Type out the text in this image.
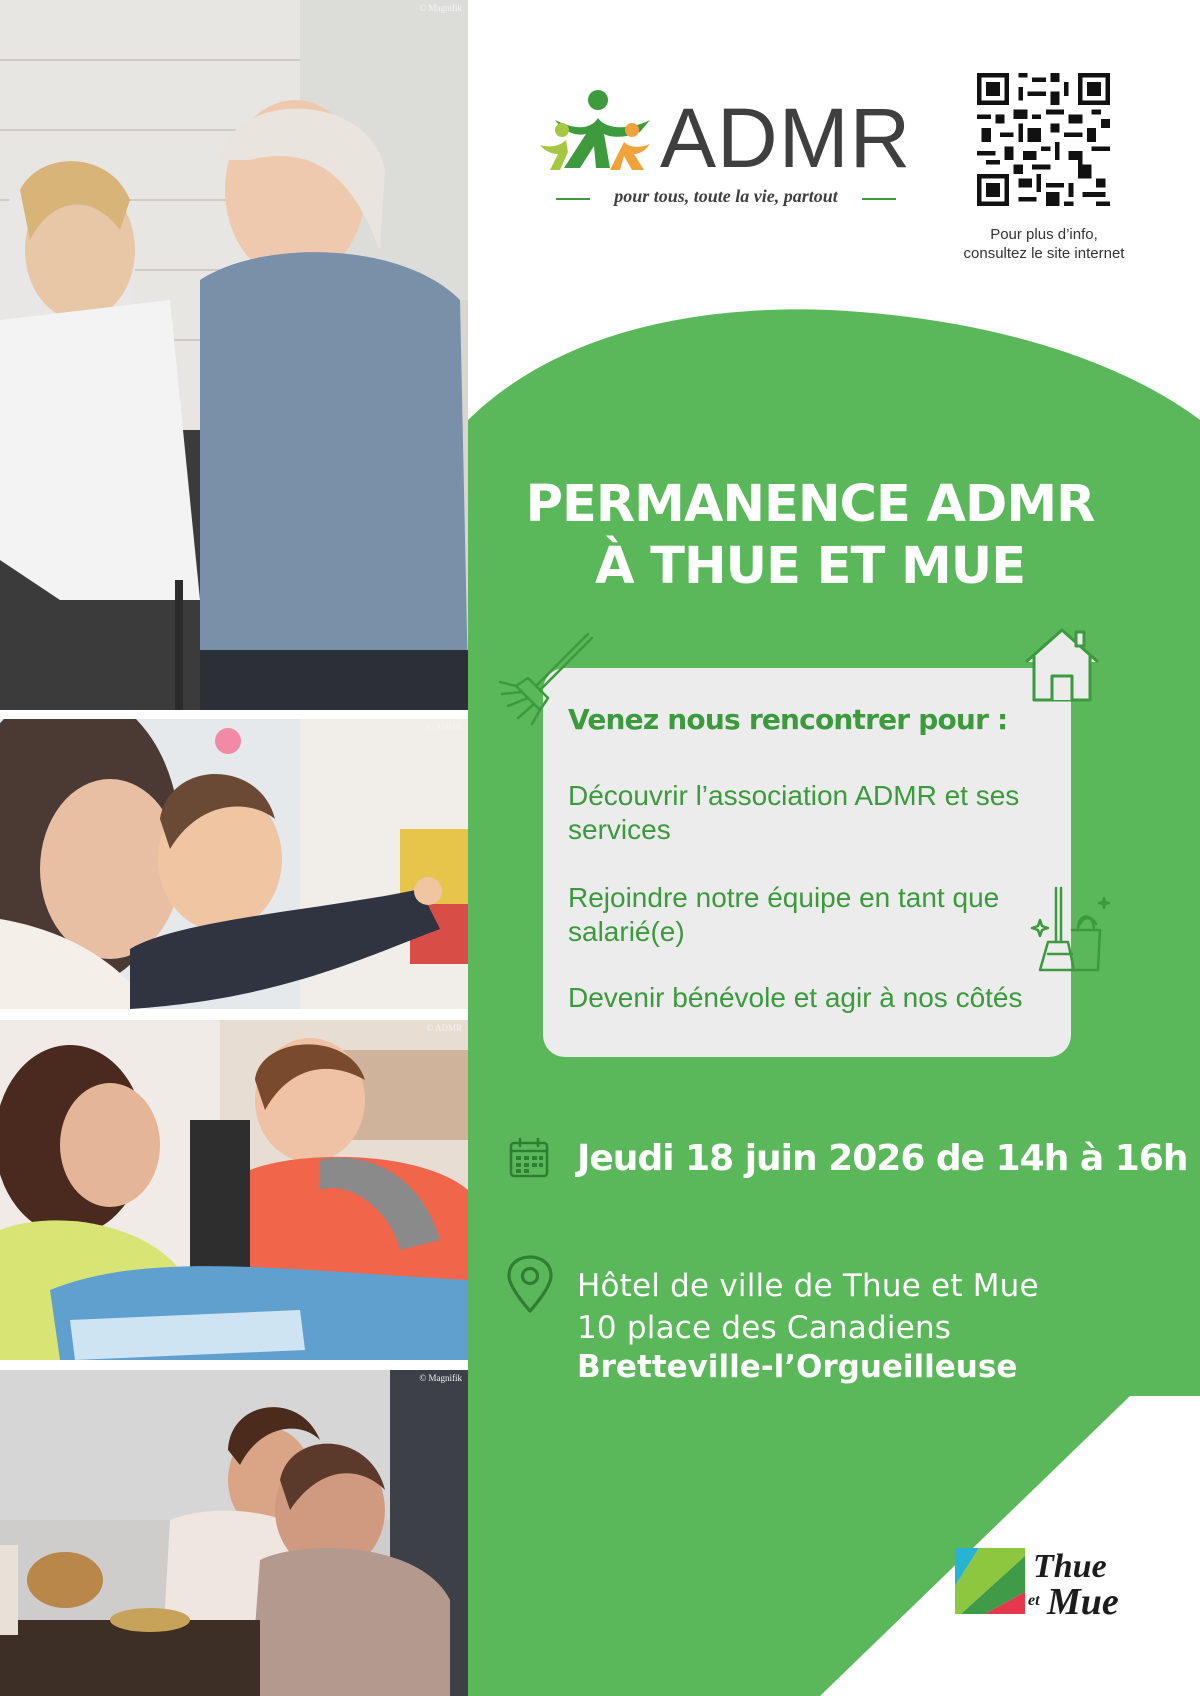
© Magnifik
© ADMR
© ADMR
© Magnifik
ADMR
pour tous, toute la vie, partout
Pour plus d’info,
consultez le site internet
PERMANENCE ADMR
À THUE ET MUE
Venez nous rencontrer pour :
Découvrir l’association ADMR et ses services
Rejoindre notre équipe en tant que salarié(e)
Devenir bénévole et agir à nos côtés
Jeudi 18 juin 2026 de 14h à 16h
Hôtel de ville de Thue et Mue
10 place des Canadiens
Bretteville-l’Orgueilleuse
Thue
et Mue
